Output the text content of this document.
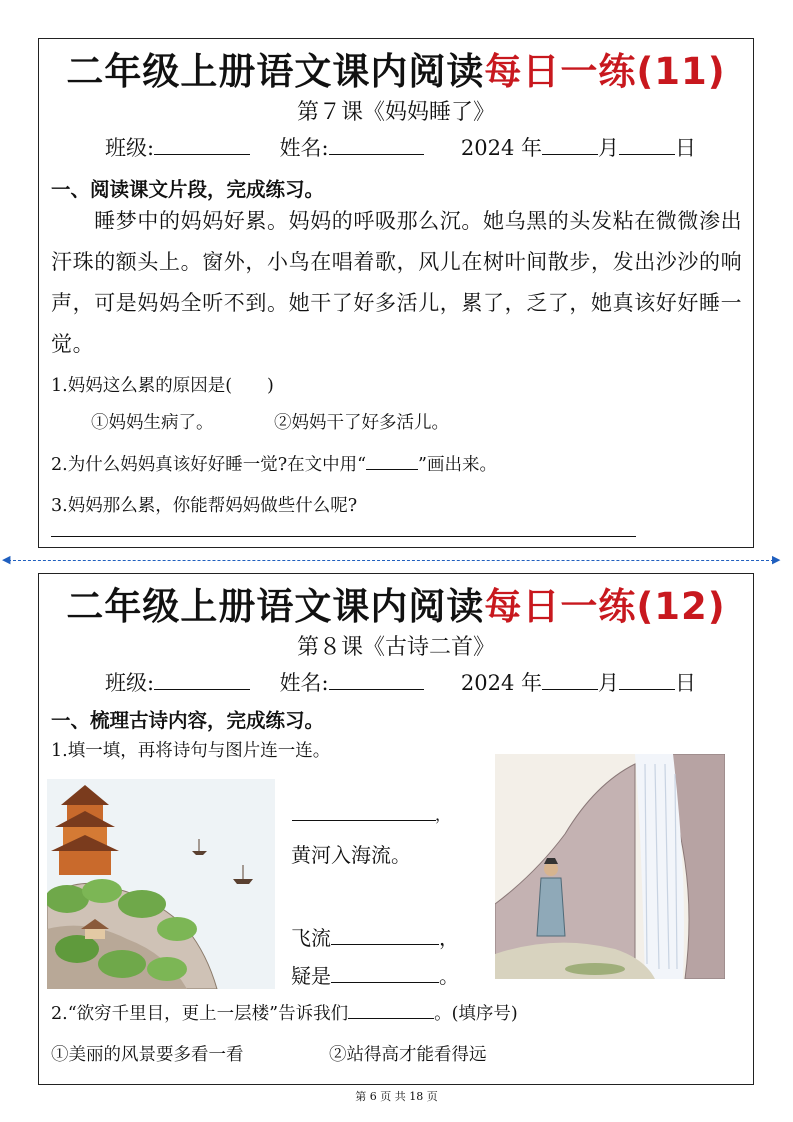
二年级上册语文课内阅读每日一练(11)
第７课《妈妈睡了》
班级:	姓名:	2024 年	月	日
一、阅读课文片段，完成练习。
　　睡梦中的妈妈好累。妈妈的呼吸那么沉。她乌黑的头发粘在微微渗出汗珠的额头上。窗外，小鸟在唱着歌，风儿在树叶间散步，发出沙沙的响声，可是妈妈全听不到。她干了好多活儿，累了，乏了，她真该好好睡一觉。
1.妈妈这么累的原因是(　　)
①妈妈生病了。	②妈妈干了好多活儿。
2.为什么妈妈真该好好睡一觉?在文中用“	”画出来。
3.妈妈那么累，你能帮妈妈做些什么呢?
◀	▶
二年级上册语文课内阅读每日一练(12)
第８课《古诗二首》
班级:	姓名:	2024 年	月	日
一、梳理古诗内容，完成练习。
1.填一填，再将诗句与图片连一连。
，
黄河入海流。
飞流	，
疑是	。
2.“欲穷千里目，更上一层楼”告诉我们	。(填序号)
①美丽的风景要多看一看	②站得高才能看得远
第 6 页 共 18 页
